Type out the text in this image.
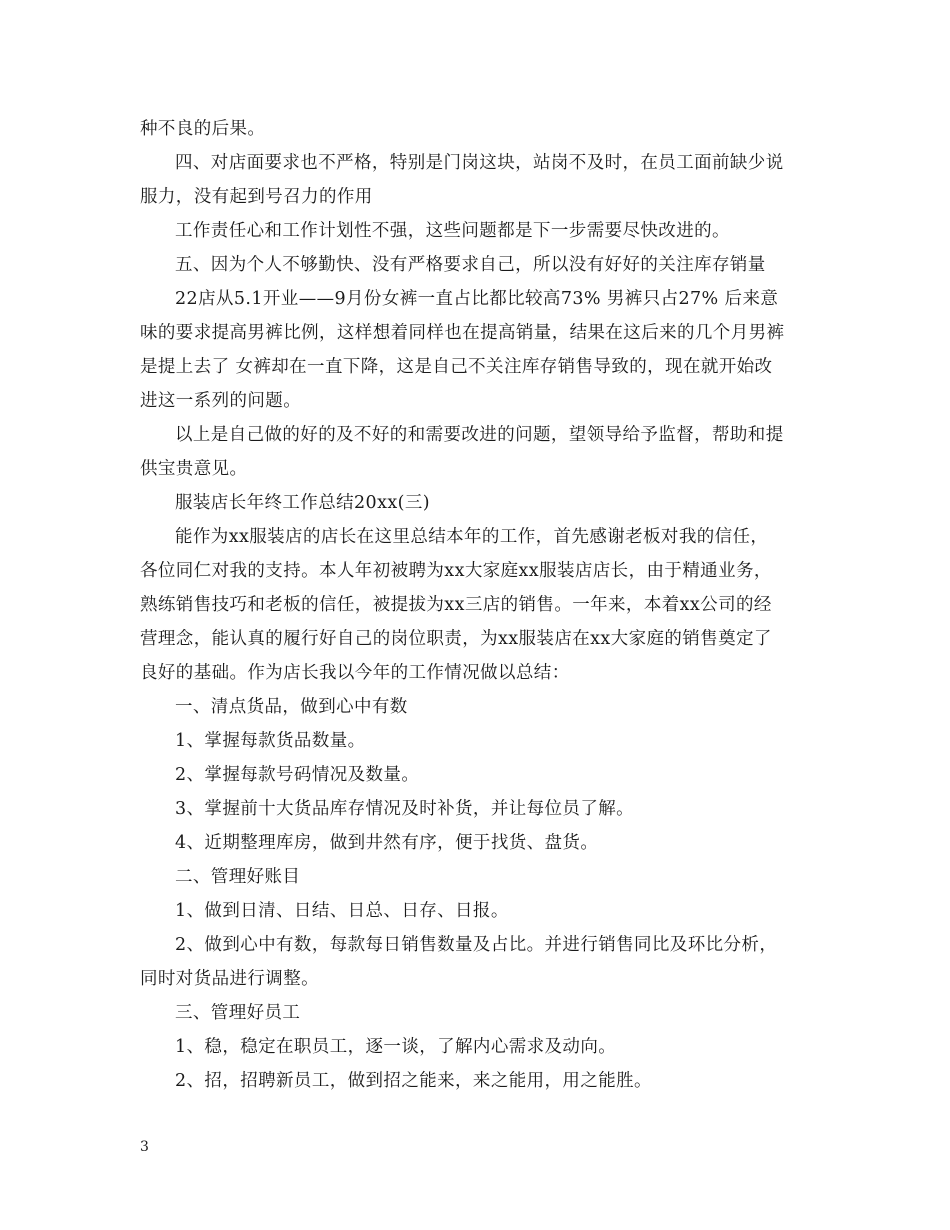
种不良的后果。
四、对店面要求也不严格，特别是门岗这块，站岗不及时，在员工面前缺少说
服力，没有起到号召力的作用
工作责任心和工作计划性不强，这些问题都是下一步需要尽快改进的。
五、因为个人不够勤快、没有严格要求自己，所以没有好好的关注库存销量
22店从5.1开业——9月份女裤一直占比都比较高73% 男裤只占27% 后来意
味的要求提高男裤比例，这样想着同样也在提高销量，结果在这后来的几个月男裤
是提上去了 女裤却在一直下降，这是自己不关注库存销售导致的，现在就开始改
进这一系列的问题。
以上是自己做的好的及不好的和需要改进的问题，望领导给予监督，帮助和提
供宝贵意见。
服装店长年终工作总结20xx(三)
能作为xx服装店的店长在这里总结本年的工作，首先感谢老板对我的信任，
各位同仁对我的支持。本人年初被聘为xx大家庭xx服装店店长，由于精通业务，
熟练销售技巧和老板的信任，被提拔为xx三店的销售。一年来，本着xx公司的经
营理念，能认真的履行好自己的岗位职责，为xx服装店在xx大家庭的销售奠定了
良好的基础。作为店长我以今年的工作情况做以总结：
一、清点货品，做到心中有数
1、掌握每款货品数量。
2、掌握每款号码情况及数量。
3、掌握前十大货品库存情况及时补货，并让每位员了解。
4、近期整理库房，做到井然有序，便于找货、盘货。
二、管理好账目
1、做到日清、日结、日总、日存、日报。
2、做到心中有数，每款每日销售数量及占比。并进行销售同比及环比分析，
同时对货品进行调整。
三、管理好员工
1、稳，稳定在职员工，逐一谈，了解内心需求及动向。
2、招，招聘新员工，做到招之能来，来之能用，用之能胜。
3
